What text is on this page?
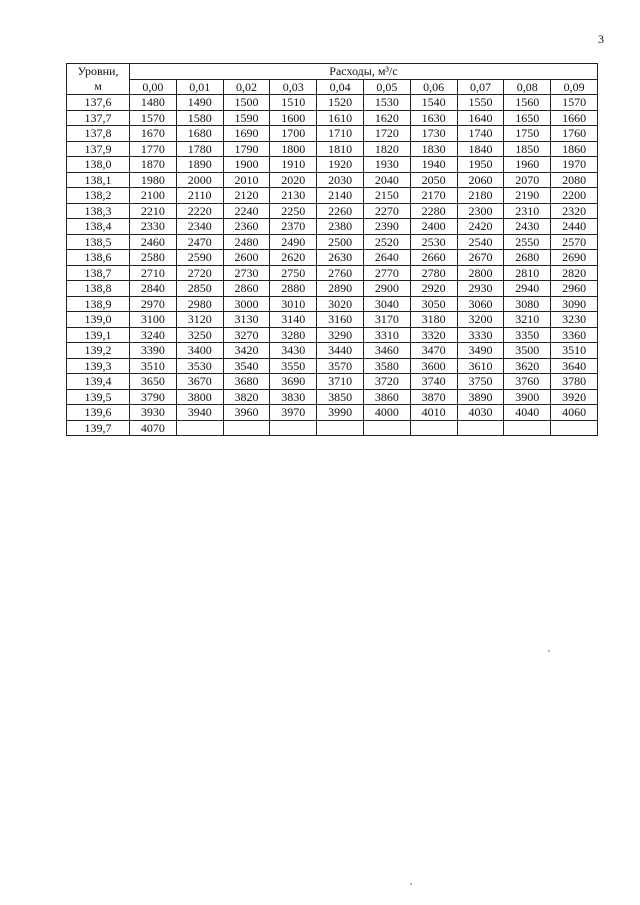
3
Уровни,
м	Расходы, м³/с									
	0,00	0,01	0,02	0,03	0,04	0,05	0,06	0,07	0,08	0,09
137,6	1480	1490	1500	1510	1520	1530	1540	1550	1560	1570
137,7	1570	1580	1590	1600	1610	1620	1630	1640	1650	1660
137,8	1670	1680	1690	1700	1710	1720	1730	1740	1750	1760
137,9	1770	1780	1790	1800	1810	1820	1830	1840	1850	1860
138,0	1870	1890	1900	1910	1920	1930	1940	1950	1960	1970
138,1	1980	2000	2010	2020	2030	2040	2050	2060	2070	2080
138,2	2100	2110	2120	2130	2140	2150	2170	2180	2190	2200
138,3	2210	2220	2240	2250	2260	2270	2280	2300	2310	2320
138,4	2330	2340	2360	2370	2380	2390	2400	2420	2430	2440
138,5	2460	2470	2480	2490	2500	2520	2530	2540	2550	2570
138,6	2580	2590	2600	2620	2630	2640	2660	2670	2680	2690
138,7	2710	2720	2730	2750	2760	2770	2780	2800	2810	2820
138,8	2840	2850	2860	2880	2890	2900	2920	2930	2940	2960
138,9	2970	2980	3000	3010	3020	3040	3050	3060	3080	3090
139,0	3100	3120	3130	3140	3160	3170	3180	3200	3210	3230
139,1	3240	3250	3270	3280	3290	3310	3320	3330	3350	3360
139,2	3390	3400	3420	3430	3440	3460	3470	3490	3500	3510
139,3	3510	3530	3540	3550	3570	3580	3600	3610	3620	3640
139,4	3650	3670	3680	3690	3710	3720	3740	3750	3760	3780
139,5	3790	3800	3820	3830	3850	3860	3870	3890	3900	3920
139,6	3930	3940	3960	3970	3990	4000	4010	4030	4040	4060
139,7	4070									
